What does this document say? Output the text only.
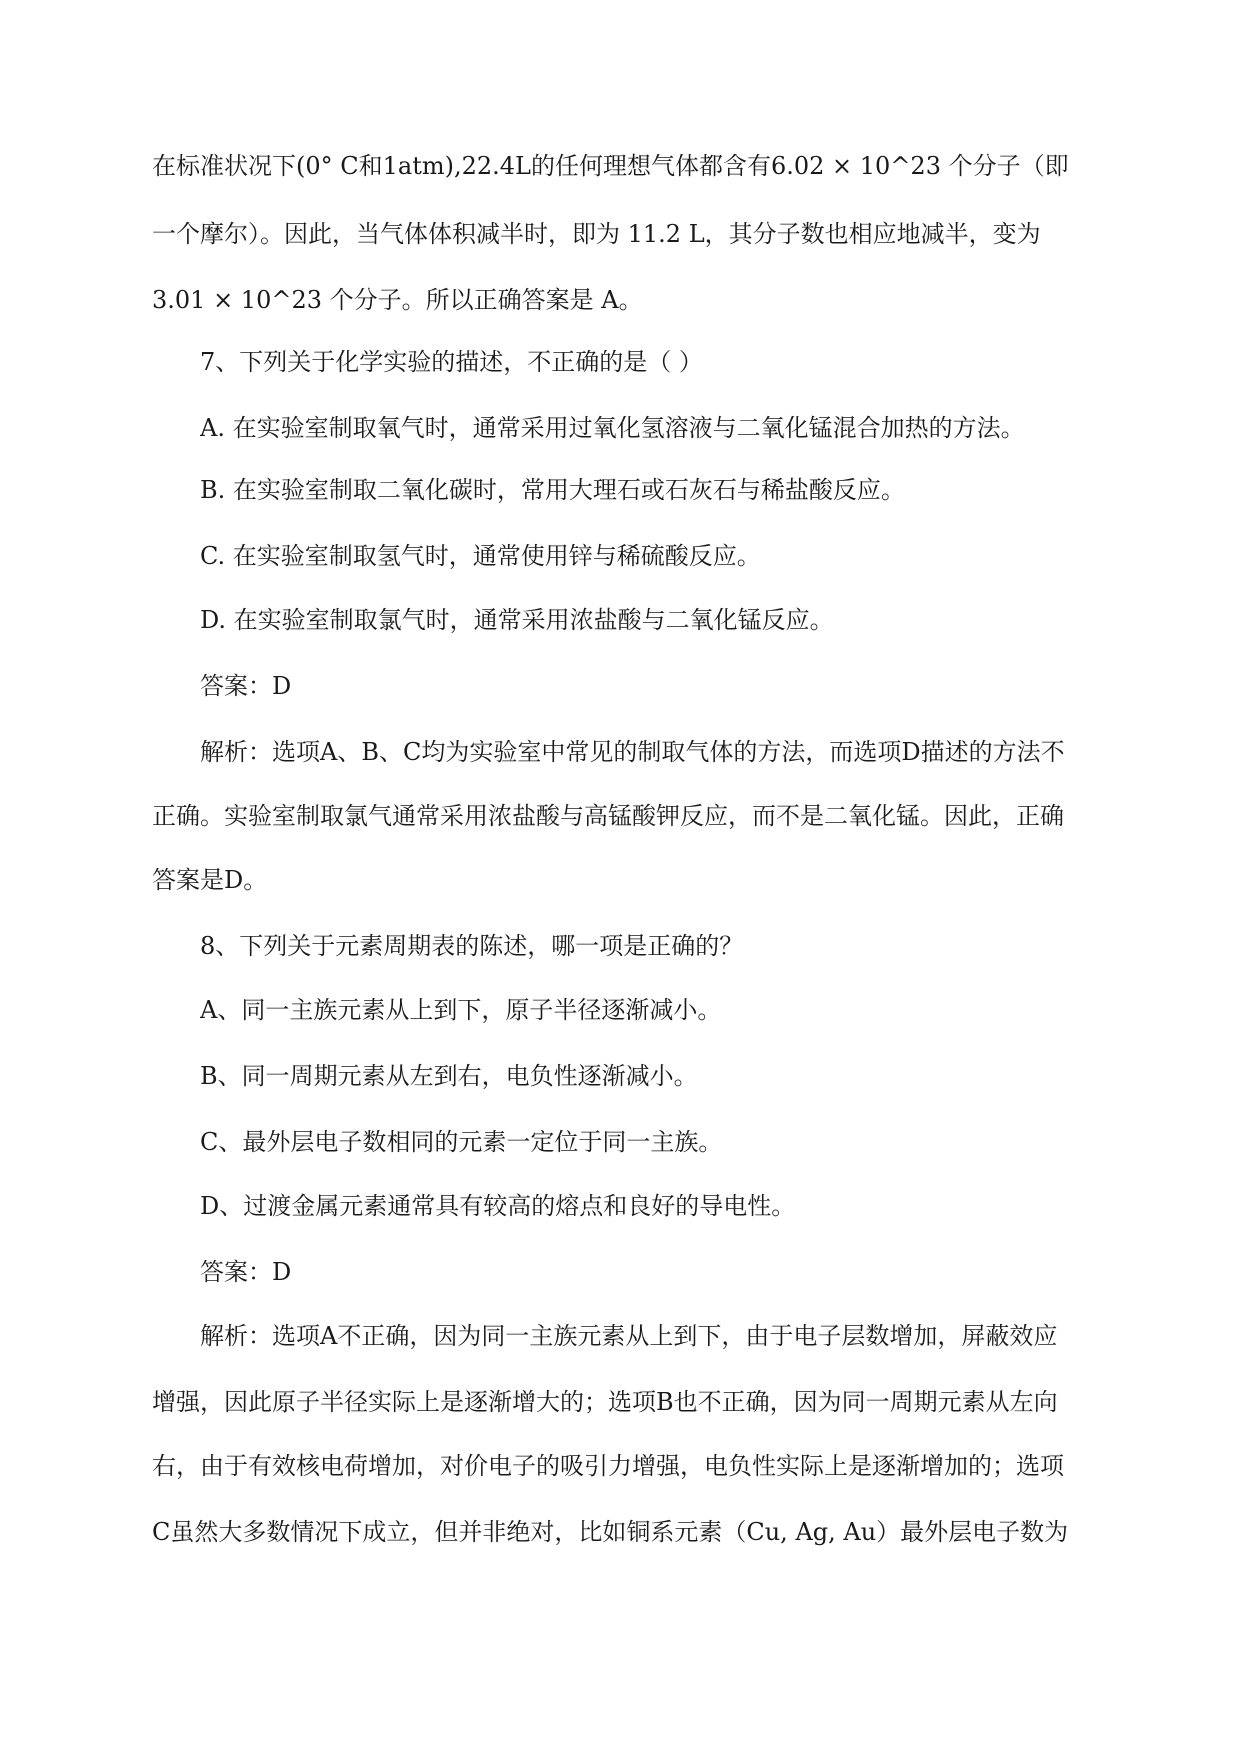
在标准状况下(0° C和1atm),22.4L的任何理想气体都含有6.02 × 10^23 个分子（即
一个摩尔）。因此，当气体体积减半时，即为 11.2 L，其分子数也相应地减半，变为
3.01 × 10^23 个分子。所以正确答案是 A。
7、下列关于化学实验的描述，不正确的是（ ）
A. 在实验室制取氧气时，通常采用过氧化氢溶液与二氧化锰混合加热的方法。
B. 在实验室制取二氧化碳时，常用大理石或石灰石与稀盐酸反应。
C. 在实验室制取氢气时，通常使用锌与稀硫酸反应。
D. 在实验室制取氯气时，通常采用浓盐酸与二氧化锰反应。
答案：D
解析：选项A、B、C均为实验室中常见的制取气体的方法，而选项D描述的方法不
正确。实验室制取氯气通常采用浓盐酸与高锰酸钾反应，而不是二氧化锰。因此，正确
答案是D。
8、下列关于元素周期表的陈述，哪一项是正确的？
A、同一主族元素从上到下，原子半径逐渐减小。
B、同一周期元素从左到右，电负性逐渐减小。
C、最外层电子数相同的元素一定位于同一主族。
D、过渡金属元素通常具有较高的熔点和良好的导电性。
答案：D
解析：选项A不正确，因为同一主族元素从上到下，由于电子层数增加，屏蔽效应
增强，因此原子半径实际上是逐渐增大的；选项B也不正确，因为同一周期元素从左向
右，由于有效核电荷增加，对价电子的吸引力增强，电负性实际上是逐渐增加的；选项
C虽然大多数情况下成立，但并非绝对，比如铜系元素（Cu, Ag, Au）最外层电子数为
